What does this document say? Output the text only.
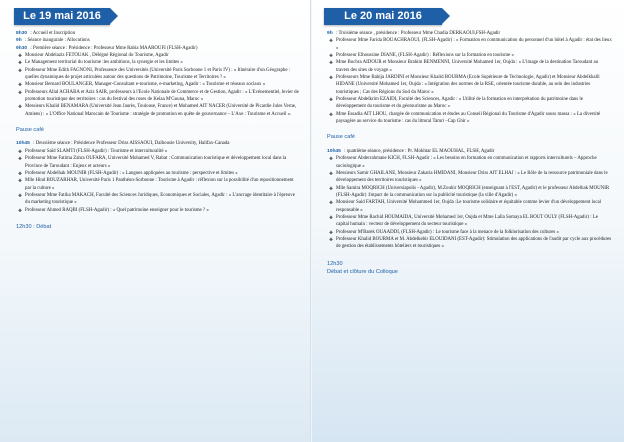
Le 19 mai 2016
8h30 : Accueil et Inscription
9h : Séance inaugurale : Allocutions
9h30 : Première séance : Présidence : Professeur Mme Rabia MAAROUFI (FLSH-Agadir)
❖ Monsieur Abdelaziz FETOUAK , Délégué Régional du Tourisme, Agadir
❖ Le Management territorial du tourisme :les ambitions, la synergie et les limites »
❖ Professeur Mme Edith FAGNONI, Professeure des Universités (Université Paris Sorbonne 1 et Paris IV) : « Itinéraire d'un Géographe : quelles dynamiques de projet articulées autour des questions de Patrimoine, Tourisme et Territoires ? »
❖ Monsieur Bernard BOULANGER, Manager-Consultant e-tourisme, e-marketing, Agadir : « Tourisme et réseaux sociaux »
❖ Professeurs Allal ACHABA et Aziz SAIR, professeurs à l'Ecole Nationale de Commerce et de Gestion, Agadir : « L'Evénementiel, levier de promotion touristique des territoires : cas du festival des roses de Kelaa M'Gouna, Maroc »
❖ Messieurs Khalid BENAMARA (Université Jean Jaurès, Toulouse, France) et Mohamed AIT NACER (Université de Picardie Jules Verne, Amiens) : « L'Office National Marocain de Tourisme : stratégie de promotion en quête de gouvernance – L'Axe : Tourisme et Accueil ».
Pause café
10h45 : Deuxième séance : Présidence Professeur Driss AISSAOUI, Dalhousie University, Halifax-Canada
❖ Professeur Saïd SLAMTI (FLSH-Agadir) : Tourisme et interculturalité »
❖ Professeur Mme Fatima Zahra OUFARA, Université Mohamed V, Rabat : Communication touristique et développement local dans la Province de Taroudant : Enjeux et acteurs »
❖ Professeur Abdelhak MOUNIR (FLSH-Agadir) : « Langues appliquées au tourisme : perspective et limites »
❖ Mlle Hind BOUZARHAR, Université Paris 1 Panthéon-Sorbonne : Tourisme à Agadir : réflexion sur la possibilité d'un repositionnement par la culture »
❖ Professeur Mme Fatiha MAKACH, Faculté des Sciences Juridiques, Economiques et Sociales, Agadir : « L'ancrage identitaire à l'épreuve du marketing touristique »
❖ Professeur Ahmed RAQBI (FLSH-Agadir) : « Quel patrimoine enseigner pour le tourisme ? »
12h30 : Débat
Le 20 mai 2016
9h : Troisième séance , présidence : Professeur Mme Chadia DERKAOUI,FSH-Agadir
❖ Professeur Mme Farida BOUACHRAOUI, (FLSH-Agadir) : « Formation en communication du personnel d'un hôtel à Agadir : état des lieux »
❖ Professeur Elhoussine DIANE, (FLSH-Agadir) : Réflexions sur la formation en tourisme »
❖ Mme Bochra AIDOUR et Monsieur Brahim BENMENNI, Université Mohamed 1er, Oujda : « L'image de la destination Taroudant au travers des sites de voyage »
❖ Professeurs Mme Bahija JARDINI et Monsieur Khalid BOURMA (Ecole Supérieure de Technologie, Agadir) et Monsieur Abdelkhalil HIDANE (Université Mohamed 1er, Oujda : « Intégration des normes de la RSE, orientée tourisme durable, au sein des industries touristiques ; Cas des Régions du Sud du Maroc »
❖ Professeur Abdelkrim EZAIDI, Faculté des Sciences, Agadir : « Utilité de la formation en interprétation du patrimoine dans le développement du tourisme et du géotourisme au Maroc »
❖ Mme Essadia AIT LHOU, chargée de communication et études au Conseil Régional du Tourisme d'Agadir souss massa : « La diversité paysagère au service du tourisme : cas du littoral Tamri –Cap Ghir »
Pause café
10h45 : quatrième séance, présidence : Pr. Mokhtar EL MAOUHAL, FLSH, Agadir
❖ Professeur Abderrahmane KICH, FLSH-Agadir : « Les besoins en formation en communication et rapports interculturels – Approche sociologique »
❖ Messieurs Samir GHAILANE, Monsieur Zakaria HMIDANI, Monsieur Driss AIT ELHAJ : « Le Rôle de la ressource patrimoniale dans le développement des territoires touristiques »
❖ Mlle Samira MOQRICH (Universiapolis - Agadir), M.Zouhir MOQRICH (enseignant à l'EST, Agadir) et le professeur Abdelhak MOUNIR (FLSH-Agadir) :Impact de la communication sur la publicité touristique (la ville d'Agadir) »
❖ Monsieur Said FARTAH, Université Mohammed 1er, Oujda :Le tourisme solidaire et équitable comme levier d'un développement local responsable »
❖ Professeur Mme Rachid HOUMAIDA, Université Mohamed 1er, Oujda et Mme Lalla Somaya EL BOUT OULY (FLSH-Agadir) : Le capital humain : vecteur de développement du secteur touristique »
❖ Professeur M'Barek OUAADDI, (FLSH-Agadir) : Le tourisme face à la menace de la folklorisation des cultures »
❖ Professeur Khalid BOURMA et M. Abdelkebir ELOUIDANI (EST-Agadir): Stimulation des applications de l'audit par cycle aux procédures de gestion des établissements hôteliers et touristiques »
12h30
Débat et clôture du Colloque
